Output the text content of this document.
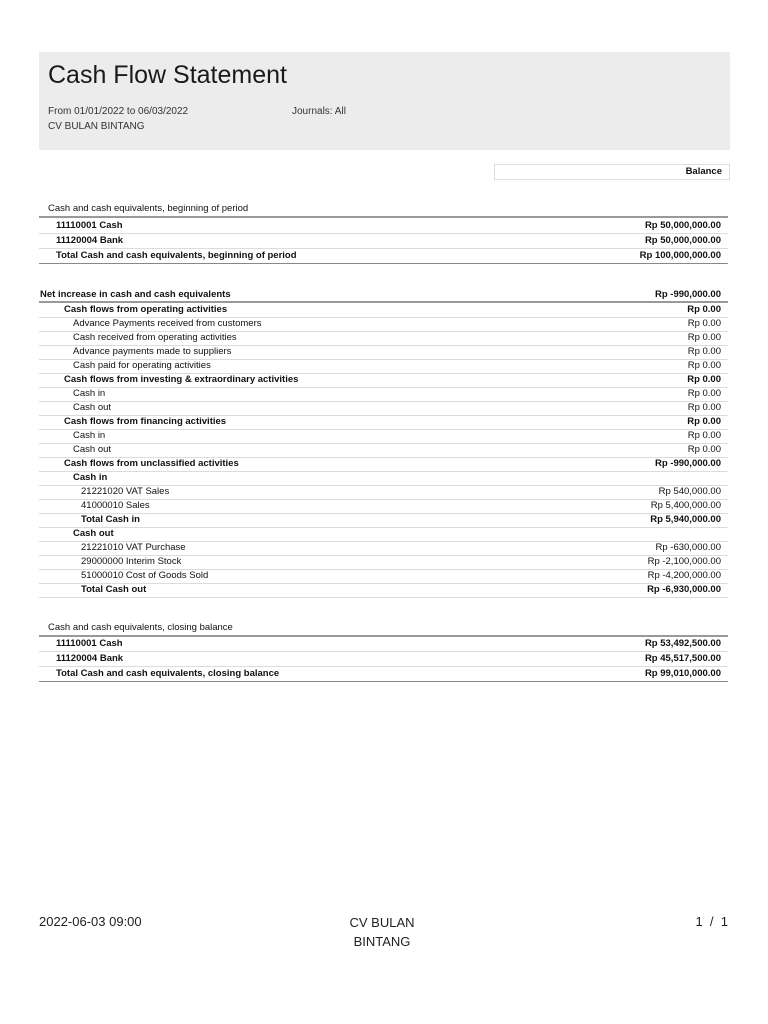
Cash Flow Statement
From 01/01/2022 to 06/03/2022	Journals: All
CV BULAN BINTANG
Balance
Cash and cash equivalents, beginning of period
11110001 Cash	Rp 50,000,000.00
11120004 Bank	Rp 50,000,000.00
Total Cash and cash equivalents, beginning of period	Rp 100,000,000.00
Net increase in cash and cash equivalents	Rp -990,000.00
Cash flows from operating activities	Rp 0.00
Advance Payments received from customers	Rp 0.00
Cash received from operating activities	Rp 0.00
Advance payments made to suppliers	Rp 0.00
Cash paid for operating activities	Rp 0.00
Cash flows from investing & extraordinary activities	Rp 0.00
Cash in	Rp 0.00
Cash out	Rp 0.00
Cash flows from financing activities	Rp 0.00
Cash in	Rp 0.00
Cash out	Rp 0.00
Cash flows from unclassified activities	Rp -990,000.00
Cash in
21221020 VAT Sales	Rp 540,000.00
41000010 Sales	Rp 5,400,000.00
Total Cash in	Rp 5,940,000.00
Cash out
21221010 VAT Purchase	Rp -630,000.00
29000000 Interim Stock	Rp -2,100,000.00
51000010 Cost of Goods Sold	Rp -4,200,000.00
Total Cash out	Rp -6,930,000.00
Cash and cash equivalents, closing balance
11110001 Cash	Rp 53,492,500.00
11120004 Bank	Rp 45,517,500.00
Total Cash and cash equivalents, closing balance	Rp 99,010,000.00
2022-06-03 09:00	CV BULAN
BINTANG
1  /  1
